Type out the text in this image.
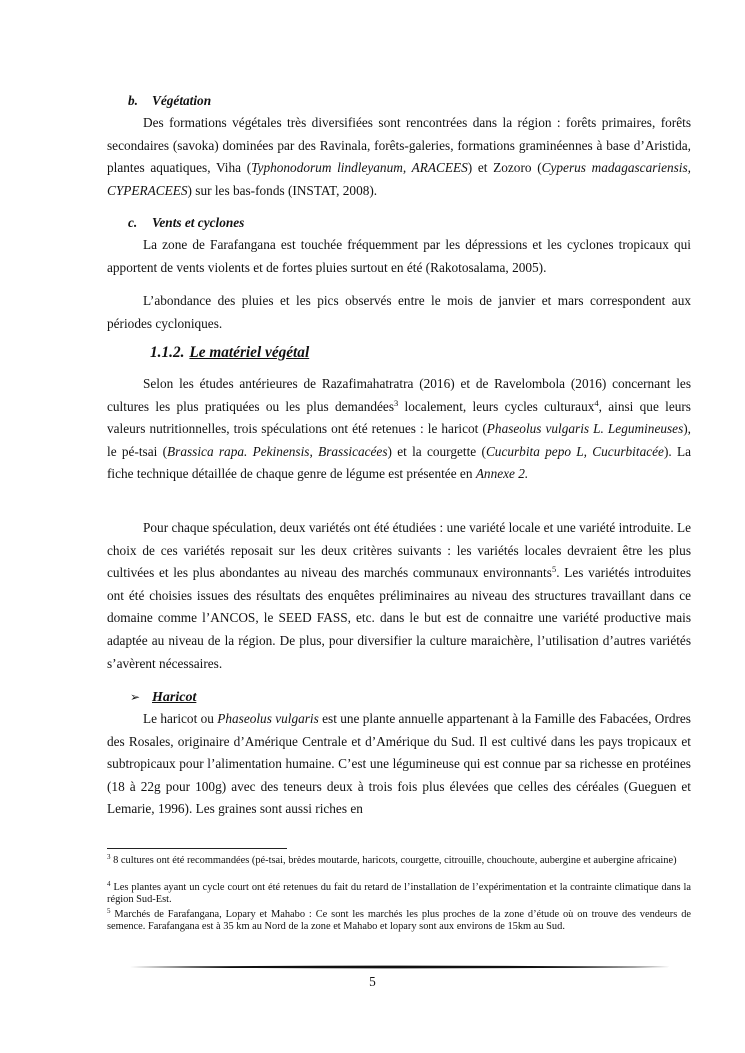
b. Végétation

Des formations végétales très diversifiées sont rencontrées dans la région : forêts primaires, forêts secondaires (savoka) dominées par des Ravinala, forêts-galeries, formations graminéennes à base d’Aristida, plantes aquatiques, Viha (Typhonodorum lindleyanum, ARACEES) et Zozoro (Cyperus madagascariensis, CYPERACEES) sur les bas-fonds (INSTAT, 2008).

c. Vents et cyclones

La zone de Farafangana est touchée fréquemment par les dépressions et les cyclones tropicaux qui apportent de vents violents et de fortes pluies surtout en été (Rakotosalama, 2005).

L’abondance des pluies et les pics observés entre le mois de janvier et mars correspondent aux périodes cycloniques.

1.1.2. Le matériel végétal

Selon les études antérieures de Razafimahatratra (2016) et de Ravelombola (2016) concernant les cultures les plus pratiquées ou les plus demandées$^3$ localement, leurs cycles culturaux$^4$, ainsi que leurs valeurs nutritionnelles, trois spéculations ont été retenues : le haricot (Phaseolus vulgaris L. Legumineuses), le pé-tsai (Brassica rapa. Pekinensis, Brassicacées) et la courgette (Cucurbita pepo L, Cucurbitacée). La fiche technique détaillée de chaque genre de légume est présentée en Annexe 2.

Pour chaque spéculation, deux variétés ont été étudiées : une variété locale et une variété introduite. Le choix de ces variétés reposait sur les deux critères suivants : les variétés locales devraient être les plus cultivées et les plus abondantes au niveau des marchés communaux environnants$^5$. Les variétés introduites ont été choisies issues des résultats des enquêtes préliminaires au niveau des structures travaillant dans ce domaine comme l’ANCOS, le SEED FASS, etc. dans le but est de connaitre une variété productive mais adaptée au niveau de la région. De plus, pour diversifier la culture maraichère, l’utilisation d’autres variétés s’avèrent nécessaires.

➢ Haricot

Le haricot ou Phaseolus vulgaris est une plante annuelle appartenant à la Famille des Fabacées, Ordres des Rosales, originaire d’Amérique Centrale et d’Amérique du Sud. Il est cultivé dans les pays tropicaux et subtropicaux pour l’alimentation humaine. C’est une légumineuse qui est connue par sa richesse en protéines (18 à 22g pour 100g) avec des teneurs deux à trois fois plus élevées que celles des céréales (Gueguen et Lemarie, 1996). Les graines sont aussi riches en

$^3$ 8 cultures ont été recommandées (pé-tsai, brèdes moutarde, haricots, courgette, citrouille, chouchoute, aubergine et aubergine africaine)

$^4$ Les plantes ayant un cycle court ont été retenues du fait du retard de l’installation de l’expérimentation et la contrainte climatique dans la région Sud-Est.

$^5$ Marchés de Farafangana, Lopary et Mahabo : Ce sont les marchés les plus proches de la zone d’étude où on trouve des vendeurs de semence. Farafangana est à 35 km au Nord de la zone et Mahabo et lopary sont aux environs de 15km au Sud.

5
